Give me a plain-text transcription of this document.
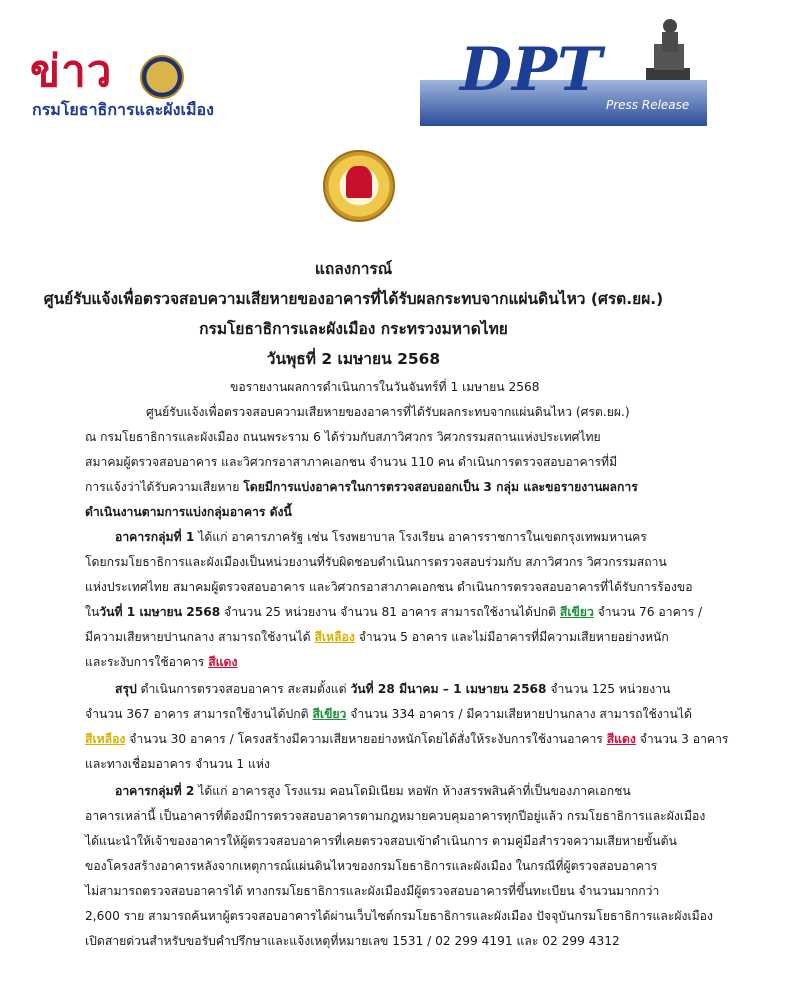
ข่าว
กรมโยธาธิการและผังเมือง
DPT Press Release
แถลงการณ์
ศูนย์รับแจ้งเพื่อตรวจสอบความเสียหายของอาคารที่ได้รับผลกระทบจากแผ่นดินไหว (ศรต.ยผ.)
กรมโยธาธิการและผังเมือง กระทรวงมหาดไทย
วันพุธที่ 2 เมษายน 2568
ขอรายงานผลการดำเนินการในวันจันทร์ที่ 1 เมษายน 2568
ศูนย์รับแจ้งเพื่อตรวจสอบความเสียหายของอาคารที่ได้รับผลกระทบจากแผ่นดินไหว (ศรต.ยผ.)
ณ กรมโยธาธิการและผังเมือง ถนนพระราม 6 ได้ร่วมกับสภาวิศวกร วิศวกรรมสถานแห่งประเทศไทย
สมาคมผู้ตรวจสอบอาคาร และวิศวกรอาสาภาคเอกชน จำนวน 110 คน ดำเนินการตรวจสอบอาคารที่มี
การแจ้งว่าได้รับความเสียหาย โดยมีการแบ่งอาคารในการตรวจสอบออกเป็น 3 กลุ่ม และขอรายงานผลการ
ดำเนินงานตามการแบ่งกลุ่มอาคาร ดังนี้
อาคารกลุ่มที่ 1 ได้แก่ อาคารภาครัฐ เช่น โรงพยาบาล โรงเรียน อาคารราชการในเขตกรุงเทพมหานคร
โดยกรมโยธาธิการและผังเมืองเป็นหน่วยงานที่รับผิดชอบดำเนินการตรวจสอบร่วมกับ สภาวิศวกร วิศวกรรมสถาน
แห่งประเทศไทย สมาคมผู้ตรวจสอบอาคาร และวิศวกรอาสาภาคเอกชน ดำเนินการตรวจสอบอาคารที่ได้รับการร้องขอ
ในวันที่ 1 เมษายน 2568 จำนวน 25 หน่วยงาน จำนวน 81 อาคาร สามารถใช้งานได้ปกติ สีเขียว จำนวน 76 อาคาร /
มีความเสียหายปานกลาง สามารถใช้งานได้ สีเหลือง จำนวน 5 อาคาร และไม่มีอาคารที่มีความเสียหายอย่างหนัก
และระงับการใช้อาคาร สีแดง
สรุป ดำเนินการตรวจสอบอาคาร สะสมตั้งแต่ วันที่ 28 มีนาคม – 1 เมษายน 2568 จำนวน 125 หน่วยงาน
จำนวน 367 อาคาร สามารถใช้งานได้ปกติ สีเขียว จำนวน 334 อาคาร / มีความเสียหายปานกลาง สามารถใช้งานได้
สีเหลือง จำนวน 30 อาคาร / โครงสร้างมีความเสียหายอย่างหนักโดยได้สั่งให้ระงับการใช้งานอาคาร สีแดง จำนวน 3 อาคาร
และทางเชื่อมอาคาร จำนวน 1 แห่ง
อาคารกลุ่มที่ 2 ได้แก่ อาคารสูง โรงแรม คอนโดมิเนียม หอพัก ห้างสรรพสินค้าที่เป็นของภาคเอกชน
อาคารเหล่านี้ เป็นอาคารที่ต้องมีการตรวจสอบอาคารตามกฎหมายควบคุมอาคารทุกปีอยู่แล้ว กรมโยธาธิการและผังเมือง
ได้แนะนำให้เจ้าของอาคารให้ผู้ตรวจสอบอาคารที่เคยตรวจสอบเข้าดำเนินการ ตามคู่มือสำรวจความเสียหายขั้นต้น
ของโครงสร้างอาคารหลังจากเหตุการณ์แผ่นดินไหวของกรมโยธาธิการและผังเมือง ในกรณีที่ผู้ตรวจสอบอาคาร
ไม่สามารถตรวจสอบอาคารได้ ทางกรมโยธาธิการและผังเมืองมีผู้ตรวจสอบอาคารที่ขึ้นทะเบียน จำนวนมากกว่า
2,600 ราย สามารถค้นหาผู้ตรวจสอบอาคารได้ผ่านเว็บไซต์กรมโยธาธิการและผังเมือง ปัจจุบันกรมโยธาธิการและผังเมือง
เปิดสายด่วนสำหรับขอรับคำปรึกษาและแจ้งเหตุที่หมายเลข 1531 / 02 299 4191 และ 02 299 4312
